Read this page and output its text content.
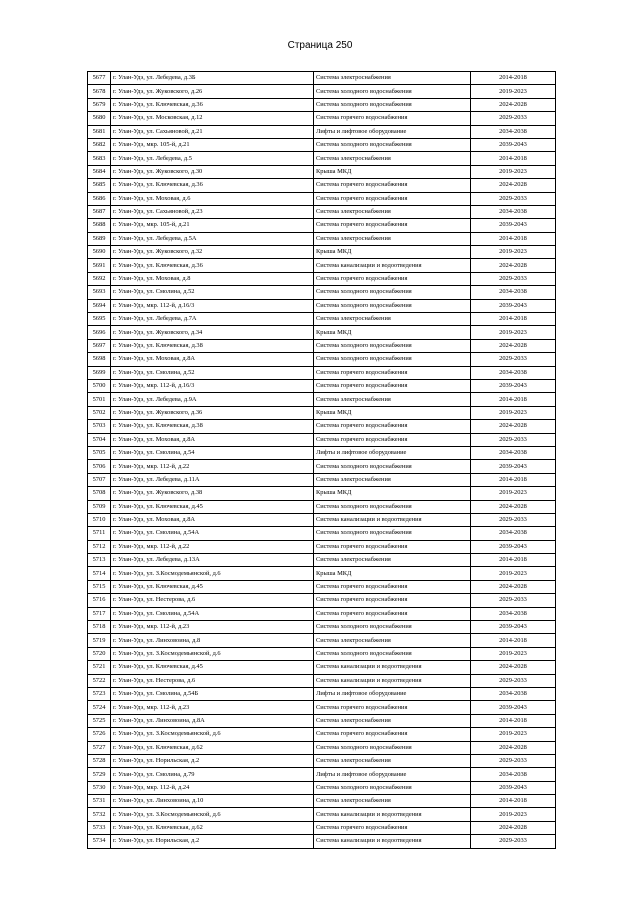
Страница 250
5677	г. Улан-Удэ, ул. Лебедева, д.3Б	Система электроснабжения	2014-2018
5678	г. Улан-Удэ, ул. Жуковского, д.26	Система холодного водоснабжения	2019-2023
5679	г. Улан-Удэ, ул. Ключевская, д.36	Система холодного водоснабжения	2024-2028
5680	г. Улан-Удэ, ул. Московская, д.12	Система горячего водоснабжения	2029-2033
5681	г. Улан-Удэ, ул. Сахьяновой, д.21	Лифты и лифтовое оборудование	2034-2038
5682	г. Улан-Удэ, мкр. 105-й, д.21	Система холодного водоснабжения	2039-2043
5683	г. Улан-Удэ, ул. Лебедева, д.5	Система электроснабжения	2014-2018
5684	г. Улан-Удэ, ул. Жуковского, д.30	Крыша МКД	2019-2023
5685	г. Улан-Удэ, ул. Ключевская, д.36	Система горячего водоснабжения	2024-2028
5686	г. Улан-Удэ, ул. Моховая, д.6	Система горячего водоснабжения	2029-2033
5687	г. Улан-Удэ, ул. Сахьяновой, д.23	Система электроснабжения	2034-2038
5688	г. Улан-Удэ, мкр. 105-й, д.21	Система горячего водоснабжения	2039-2043
5689	г. Улан-Удэ, ул. Лебедева, д.5А	Система электроснабжения	2014-2018
5690	г. Улан-Удэ, ул. Жуковского, д.32	Крыша МКД	2019-2023
5691	г. Улан-Удэ, ул. Ключевская, д.36	Система канализации и водоотведения	2024-2028
5692	г. Улан-Удэ, ул. Моховая, д.8	Система горячего водоснабжения	2029-2033
5693	г. Улан-Удэ, ул. Смолина, д.52	Система холодного водоснабжения	2034-2038
5694	г. Улан-Удэ, мкр. 112-й, д.16/3	Система холодного водоснабжения	2039-2043
5695	г. Улан-Удэ, ул. Лебедева, д.7А	Система электроснабжения	2014-2018
5696	г. Улан-Удэ, ул. Жуковского, д.34	Крыша МКД	2019-2023
5697	г. Улан-Удэ, ул. Ключевская, д.38	Система холодного водоснабжения	2024-2028
5698	г. Улан-Удэ, ул. Моховая, д.8А	Система холодного водоснабжения	2029-2033
5699	г. Улан-Удэ, ул. Смолина, д.52	Система горячего водоснабжения	2034-2038
5700	г. Улан-Удэ, мкр. 112-й, д.16/3	Система горячего водоснабжения	2039-2043
5701	г. Улан-Удэ, ул. Лебедева, д.9А	Система электроснабжения	2014-2018
5702	г. Улан-Удэ, ул. Жуковского, д.36	Крыша МКД	2019-2023
5703	г. Улан-Удэ, ул. Ключевская, д.38	Система горячего водоснабжения	2024-2028
5704	г. Улан-Удэ, ул. Моховая, д.8А	Система горячего водоснабжения	2029-2033
5705	г. Улан-Удэ, ул. Смолина, д.54	Лифты и лифтовое оборудование	2034-2038
5706	г. Улан-Удэ, мкр. 112-й, д.22	Система холодного водоснабжения	2039-2043
5707	г. Улан-Удэ, ул. Лебедева, д.11А	Система электроснабжения	2014-2018
5708	г. Улан-Удэ, ул. Жуковского, д.38	Крыша МКД	2019-2023
5709	г. Улан-Удэ, ул. Ключевская, д.45	Система холодного водоснабжения	2024-2028
5710	г. Улан-Удэ, ул. Моховая, д.8А	Система канализации и водоотведения	2029-2033
5711	г. Улан-Удэ, ул. Смолина, д.54А	Система холодного водоснабжения	2034-2038
5712	г. Улан-Удэ, мкр. 112-й, д.22	Система горячего водоснабжения	2039-2043
5713	г. Улан-Удэ, ул. Лебедева, д.13А	Система электроснабжения	2014-2018
5714	г. Улан-Удэ, ул. З.Космодемьянской, д.6	Крыша МКД	2019-2023
5715	г. Улан-Удэ, ул. Ключевская, д.45	Система горячего водоснабжения	2024-2028
5716	г. Улан-Удэ, ул. Нестерова, д.6	Система горячего водоснабжения	2029-2033
5717	г. Улан-Удэ, ул. Смолина, д.54А	Система горячего водоснабжения	2034-2038
5718	г. Улан-Удэ, мкр. 112-й, д.23	Система холодного водоснабжения	2039-2043
5719	г. Улан-Удэ, ул. Линховоина, д.8	Система электроснабжения	2014-2018
5720	г. Улан-Удэ, ул. З.Космодемьянской, д.6	Система холодного водоснабжения	2019-2023
5721	г. Улан-Удэ, ул. Ключевская, д.45	Система канализации и водоотведения	2024-2028
5722	г. Улан-Удэ, ул. Нестерова, д.6	Система канализации и водоотведения	2029-2033
5723	г. Улан-Удэ, ул. Смолина, д.54Б	Лифты и лифтовое оборудование	2034-2038
5724	г. Улан-Удэ, мкр. 112-й, д.23	Система горячего водоснабжения	2039-2043
5725	г. Улан-Удэ, ул. Линховоина, д.8А	Система электроснабжения	2014-2018
5726	г. Улан-Удэ, ул. З.Космодемьянской, д.6	Система горячего водоснабжения	2019-2023
5727	г. Улан-Удэ, ул. Ключевская, д.62	Система холодного водоснабжения	2024-2028
5728	г. Улан-Удэ, ул. Норильская, д.2	Система электроснабжения	2029-2033
5729	г. Улан-Удэ, ул. Смолина, д.79	Лифты и лифтовое оборудование	2034-2038
5730	г. Улан-Удэ, мкр. 112-й, д.24	Система холодного водоснабжения	2039-2043
5731	г. Улан-Удэ, ул. Линховоина, д.10	Система электроснабжения	2014-2018
5732	г. Улан-Удэ, ул. З.Космодемьянской, д.6	Система канализации и водоотведения	2019-2023
5733	г. Улан-Удэ, ул. Ключевская, д.62	Система горячего водоснабжения	2024-2028
5734	г. Улан-Удэ, ул. Норильская, д.2	Система канализации и водоотведения	2029-2033
